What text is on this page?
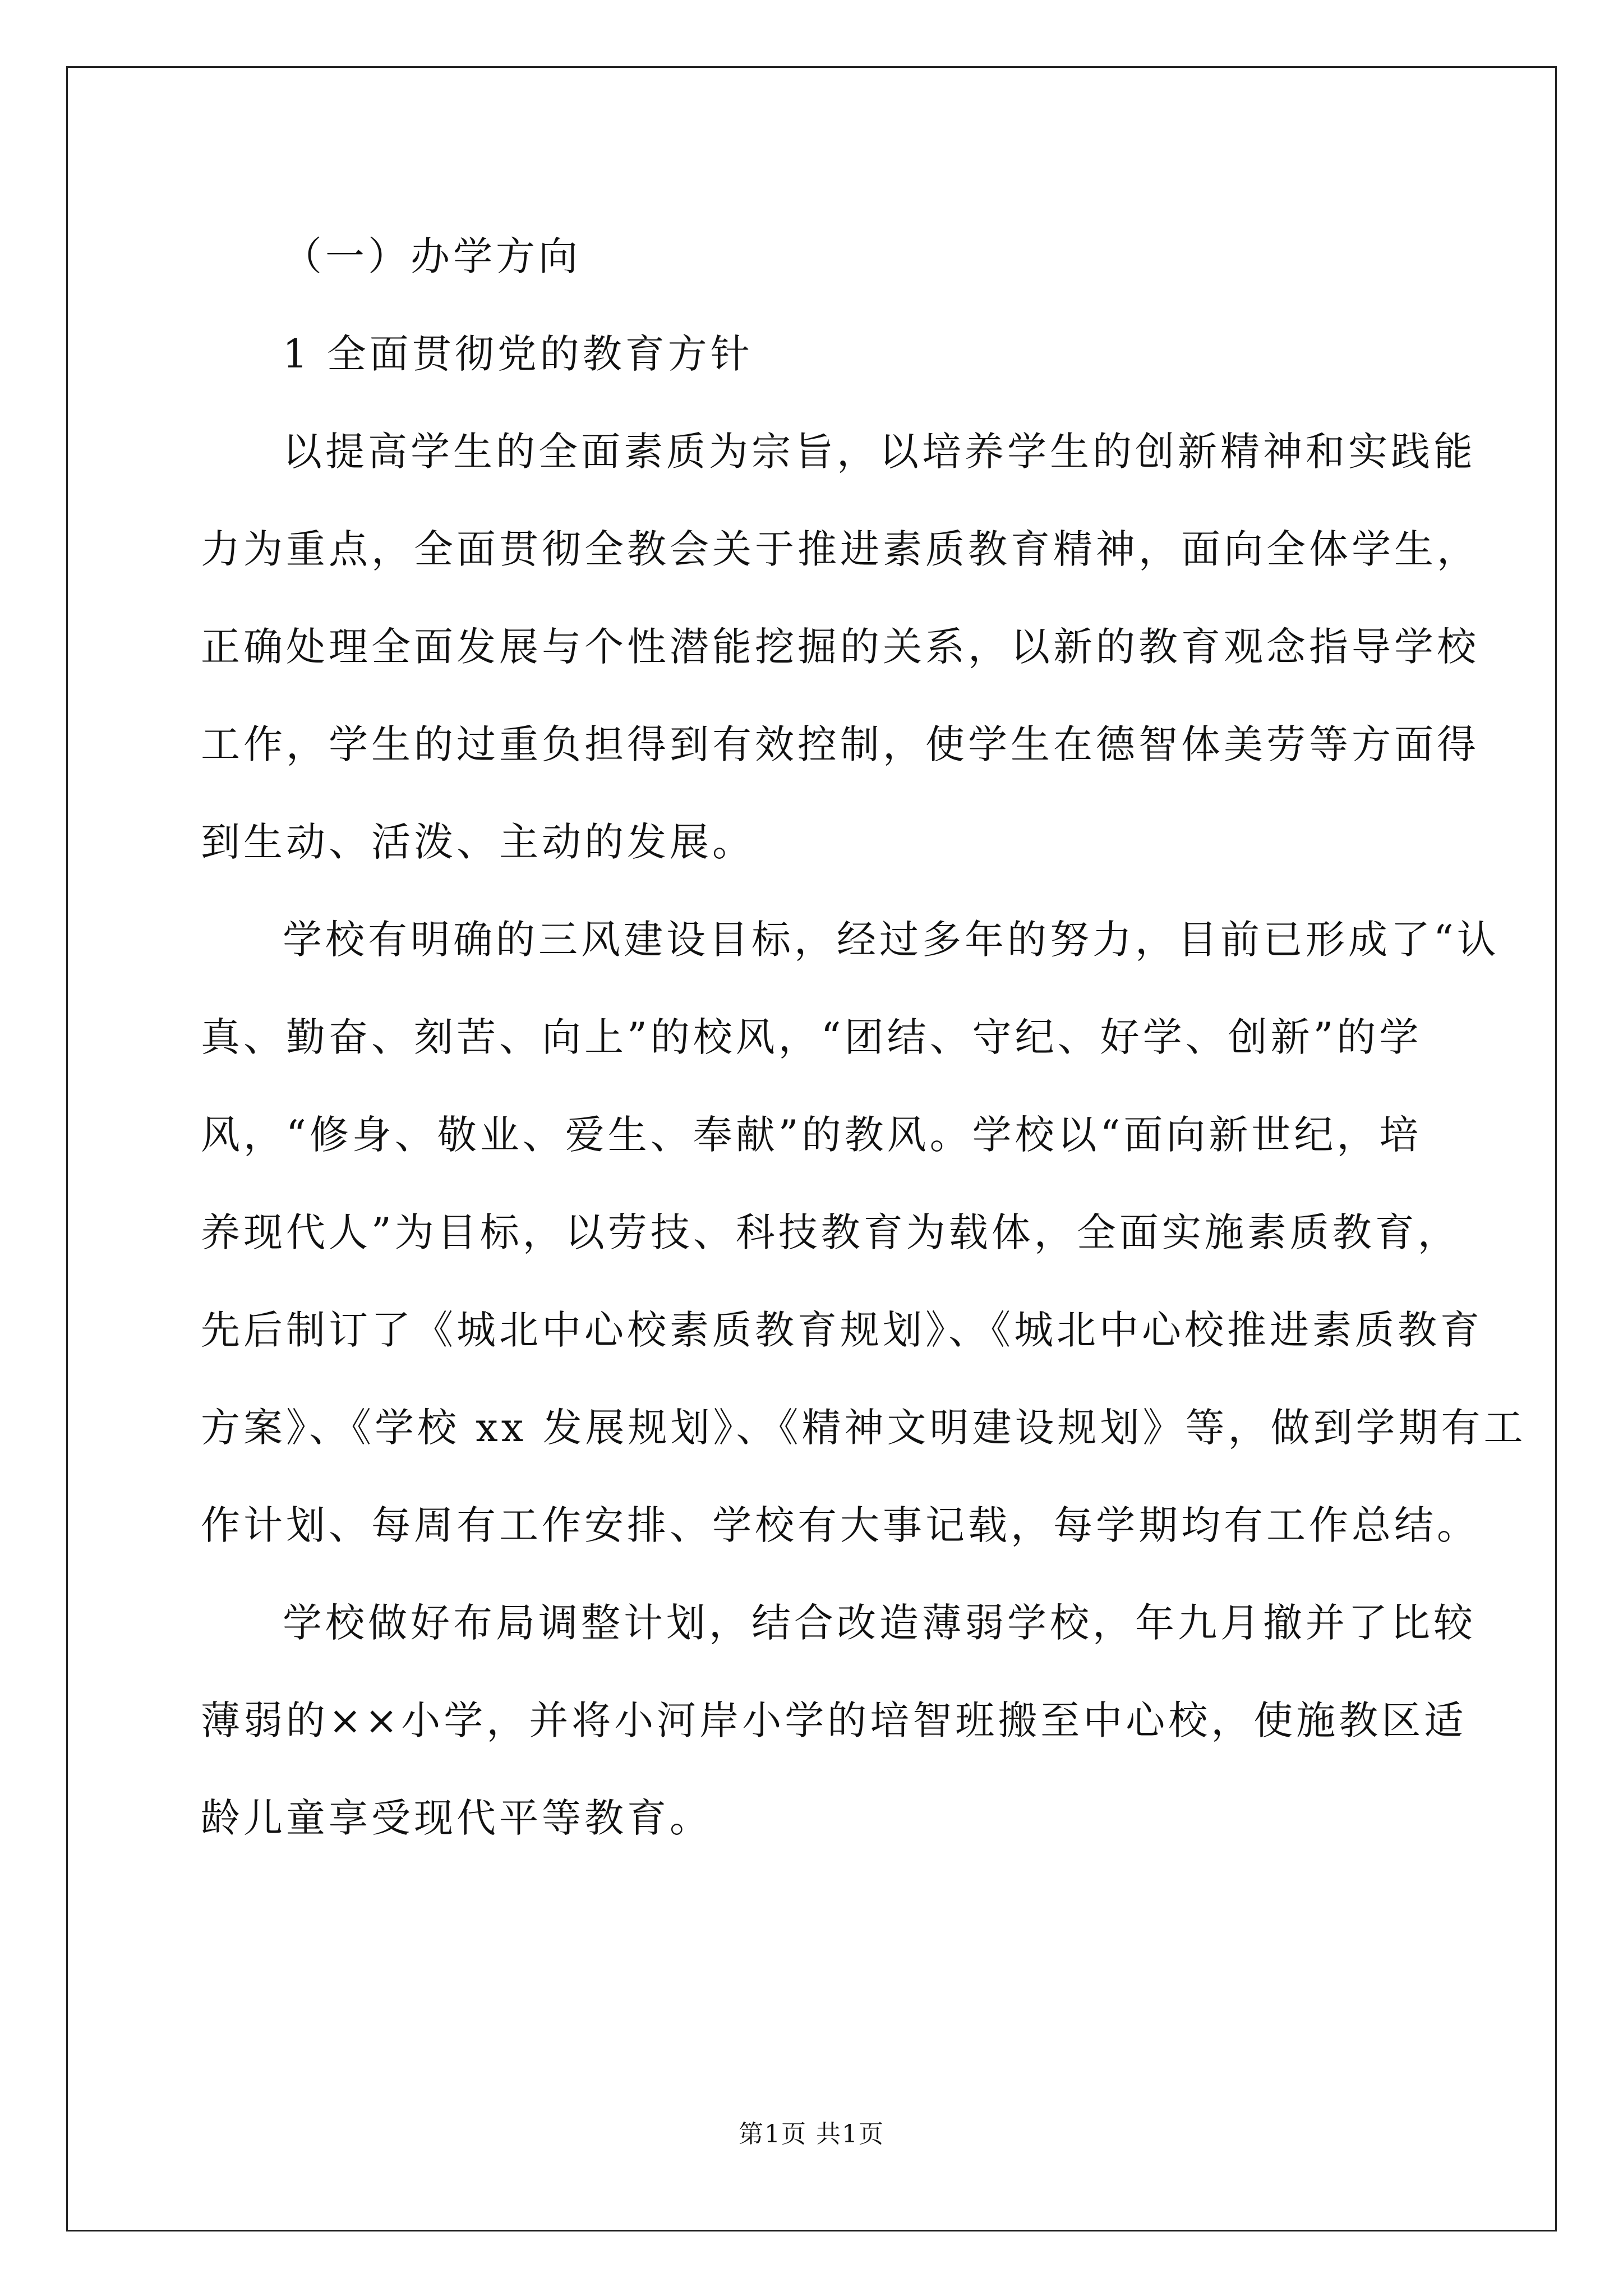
（一）办学方向

1 全面贯彻党的教育方针

以提高学生的全面素质为宗旨，以培养学生的创新精神和实践能
力为重点，全面贯彻全教会关于推进素质教育精神，面向全体学生，
正确处理全面发展与个性潜能挖掘的关系，以新的教育观念指导学校
工作，学生的过重负担得到有效控制，使学生在德智体美劳等方面得
到生动、活泼、主动的发展。

学校有明确的三风建设目标，经过多年的努力，目前已形成了“认
真、勤奋、刻苦、向上”的校风，“团结、守纪、好学、创新”的学
风，“修身、敬业、爱生、奉献”的教风。学校以“面向新世纪，培
养现代人”为目标，以劳技、科技教育为载体，全面实施素质教育，
先后制订了《城北中心校素质教育规划》、《城北中心校推进素质教育
方案》、《学校 xx 发展规划》、《精神文明建设规划》等，做到学期有工
作计划、每周有工作安排、学校有大事记载，每学期均有工作总结。

学校做好布局调整计划，结合改造薄弱学校，年九月撤并了比较
薄弱的××小学，并将小河岸小学的培智班搬至中心校，使施教区适
龄儿童享受现代平等教育。

第1页 共1页
